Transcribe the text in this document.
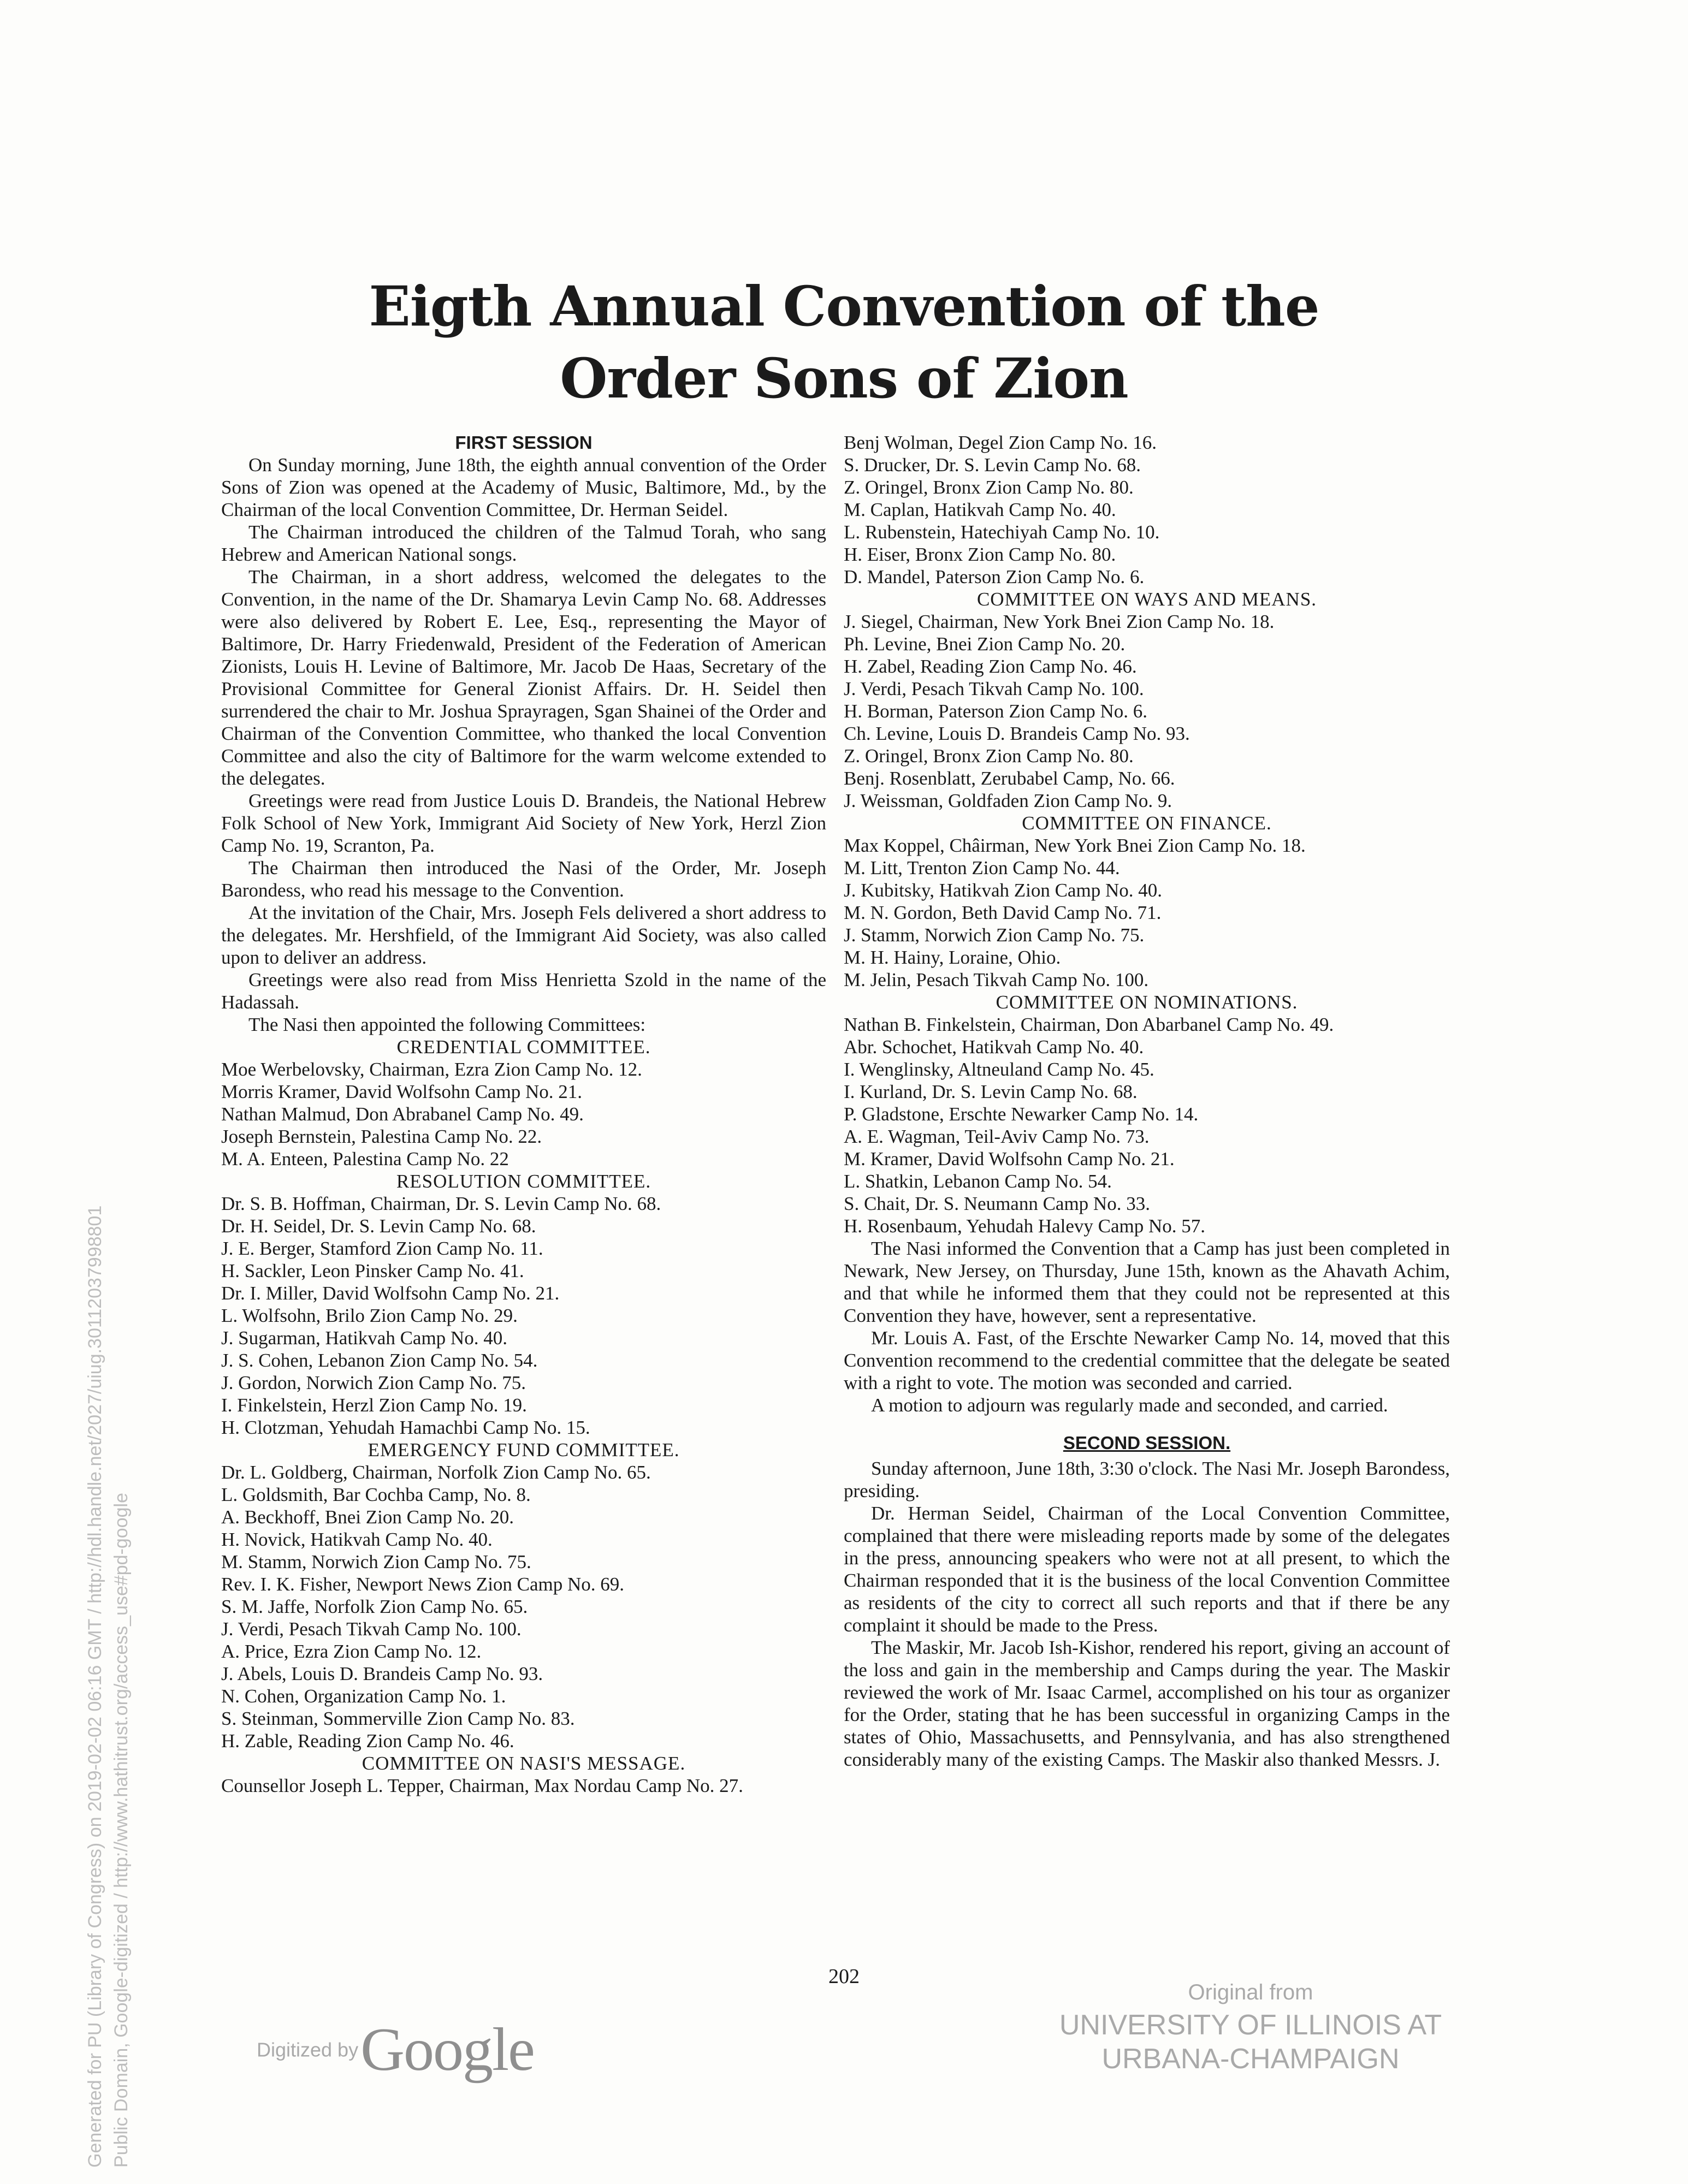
Eigth Annual Convention of the
Order Sons of Zion

FIRST SESSION

On Sunday morning, June 18th, the eighth annual convention of the Order Sons of Zion was opened at the Academy of Music, Baltimore, Md., by the Chairman of the local Convention Committee, Dr. Herman Seidel.

The Chairman introduced the children of the Talmud Torah, who sang Hebrew and American National songs.

The Chairman, in a short address, welcomed the delegates to the Convention, in the name of the Dr. Shamarya Levin Camp No. 68. Addresses were also delivered by Robert E. Lee, Esq., representing the Mayor of Baltimore, Dr. Harry Friedenwald, President of the Federation of American Zionists, Louis H. Levine of Baltimore, Mr. Jacob De Haas, Secretary of the Provisional Committee for General Zionist Affairs. Dr. H. Seidel then surrendered the chair to Mr. Joshua Sprayragen, Sgan Shainei of the Order and Chairman of the Convention Committee, who thanked the local Convention Committee and also the city of Baltimore for the warm welcome extended to the delegates.

Greetings were read from Justice Louis D. Brandeis, the National Hebrew Folk School of New York, Immigrant Aid Society of New York, Herzl Zion Camp No. 19, Scranton, Pa.

The Chairman then introduced the Nasi of the Order, Mr. Joseph Barondess, who read his message to the Convention.

At the invitation of the Chair, Mrs. Joseph Fels delivered a short address to the delegates. Mr. Hershfield, of the Immigrant Aid Society, was also called upon to deliver an address.

Greetings were also read from Miss Henrietta Szold in the name of the Hadassah.

The Nasi then appointed the following Committees:

CREDENTIAL COMMITTEE.

Moe Werbelovsky, Chairman, Ezra Zion Camp No. 12.

Morris Kramer, David Wolfsohn Camp No. 21.

Nathan Malmud, Don Abrabanel Camp No. 49.

Joseph Bernstein, Palestina Camp No. 22.

M. A. Enteen, Palestina Camp No. 22

RESOLUTION COMMITTEE.

Dr. S. B. Hoffman, Chairman, Dr. S. Levin Camp No. 68.

Dr. H. Seidel, Dr. S. Levin Camp No. 68.

J. E. Berger, Stamford Zion Camp No. 11.

H. Sackler, Leon Pinsker Camp No. 41.

Dr. I. Miller, David Wolfsohn Camp No. 21.

L. Wolfsohn, Brilo Zion Camp No. 29.

J. Sugarman, Hatikvah Camp No. 40.

J. S. Cohen, Lebanon Zion Camp No. 54.

J. Gordon, Norwich Zion Camp No. 75.

I. Finkelstein, Herzl Zion Camp No. 19.

H. Clotzman, Yehudah Hamachbi Camp No. 15.

EMERGENCY FUND COMMITTEE.

Dr. L. Goldberg, Chairman, Norfolk Zion Camp No. 65.

L. Goldsmith, Bar Cochba Camp, No. 8.

A. Beckhoff, Bnei Zion Camp No. 20.

H. Novick, Hatikvah Camp No. 40.

M. Stamm, Norwich Zion Camp No. 75.

Rev. I. K. Fisher, Newport News Zion Camp No. 69.

S. M. Jaffe, Norfolk Zion Camp No. 65.

J. Verdi, Pesach Tikvah Camp No. 100.

A. Price, Ezra Zion Camp No. 12.

J. Abels, Louis D. Brandeis Camp No. 93.

N. Cohen, Organization Camp No. 1.

S. Steinman, Sommerville Zion Camp No. 83.

H. Zable, Reading Zion Camp No. 46.

COMMITTEE ON NASI'S MESSAGE.

Counsellor Joseph L. Tepper, Chairman, Max Nordau Camp No. 27.

Benj Wolman, Degel Zion Camp No. 16.

S. Drucker, Dr. S. Levin Camp No. 68.

Z. Oringel, Bronx Zion Camp No. 80.

M. Caplan, Hatikvah Camp No. 40.

L. Rubenstein, Hatechiyah Camp No. 10.

H. Eiser, Bronx Zion Camp No. 80.

D. Mandel, Paterson Zion Camp No. 6.

COMMITTEE ON WAYS AND MEANS.

J. Siegel, Chairman, New York Bnei Zion Camp No. 18.

Ph. Levine, Bnei Zion Camp No. 20.

H. Zabel, Reading Zion Camp No. 46.

J. Verdi, Pesach Tikvah Camp No. 100.

H. Borman, Paterson Zion Camp No. 6.

Ch. Levine, Louis D. Brandeis Camp No. 93.

Z. Oringel, Bronx Zion Camp No. 80.

Benj. Rosenblatt, Zerubabel Camp, No. 66.

J. Weissman, Goldfaden Zion Camp No. 9.

COMMITTEE ON FINANCE.

Max Koppel, Châirman, New York Bnei Zion Camp No. 18.

M. Litt, Trenton Zion Camp No. 44.

J. Kubitsky, Hatikvah Zion Camp No. 40.

M. N. Gordon, Beth David Camp No. 71.

J. Stamm, Norwich Zion Camp No. 75.

M. H. Hainy, Loraine, Ohio.

M. Jelin, Pesach Tikvah Camp No. 100.

COMMITTEE ON NOMINATIONS.

Nathan B. Finkelstein, Chairman, Don Abarbanel Camp No. 49.

Abr. Schochet, Hatikvah Camp No. 40.

I. Wenglinsky, Altneuland Camp No. 45.

I. Kurland, Dr. S. Levin Camp No. 68.

P. Gladstone, Erschte Newarker Camp No. 14.

A. E. Wagman, Teil-Aviv Camp No. 73.

M. Kramer, David Wolfsohn Camp No. 21.

L. Shatkin, Lebanon Camp No. 54.

S. Chait, Dr. S. Neumann Camp No. 33.

H. Rosenbaum, Yehudah Halevy Camp No. 57.

The Nasi informed the Convention that a Camp has just been completed in Newark, New Jersey, on Thursday, June 15th, known as the Ahavath Achim, and that while he informed them that they could not be represented at this Convention they have, however, sent a representative.

Mr. Louis A. Fast, of the Erschte Newarker Camp No. 14, moved that this Convention recommend to the credential committee that the delegate be seated with a right to vote. The motion was seconded and carried.

A motion to adjourn was regularly made and seconded, and carried.

SECOND SESSION.

Sunday afternoon, June 18th, 3:30 o'clock. The Nasi Mr. Joseph Barondess, presiding.

Dr. Herman Seidel, Chairman of the Local Convention Committee, complained that there were misleading reports made by some of the delegates in the press, announcing speakers who were not at all present, to which the Chairman responded that it is the business of the local Convention Committee as residents of the city to correct all such reports and that if there be any complaint it should be made to the Press.

The Maskir, Mr. Jacob Ish-Kishor, rendered his report, giving an account of the loss and gain in the membership and Camps during the year. The Maskir reviewed the work of Mr. Isaac Carmel, accomplished on his tour as organizer for the Order, stating that he has been successful in organizing Camps in the states of Ohio, Massachusetts, and Pennsylvania, and has also strengthened considerably many of the existing Camps. The Maskir also thanked Messrs. J.

202
Generated for PU (Library of Congress) on 2019-02-02 06:16 GMT / http://hdl.handle.net/2027/uiug.30112037998801 Public Domain, Google-digitized / http://www.hathitrust.org/access_use#pd-google	Digitized by Google
Original from
UNIVERSITY OF ILLINOIS AT
URBANA-CHAMPAIGN
